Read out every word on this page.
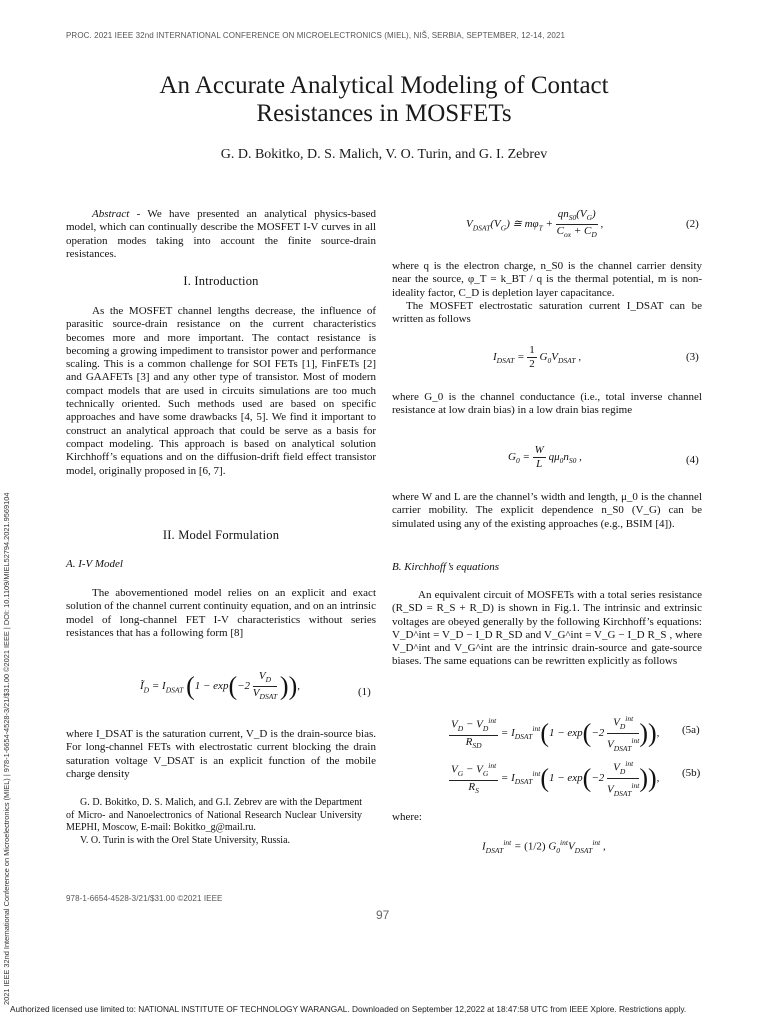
PROC. 2021 IEEE 32nd INTERNATIONAL CONFERENCE ON MICROELECTRONICS (MIEL), NIŠ, SERBIA, SEPTEMBER, 12-14, 2021
2021 IEEE 32nd International Conference on Microelectronics (MIEL) | 978-1-6654-4528-3/21/$31.00 ©2021 IEEE | DOI: 10.1109/MIEL52794.2021.9569104
An Accurate Analytical Modeling of Contact
Resistances in MOSFETs
G. D. Bokitko, D. S. Malich, V. O. Turin, and G. I. Zebrev

Abstract - We have presented an analytical physics-based model, which can continually describe the MOSFET I-V curves in all operation modes taking into account the finite source-drain resistances.

I. Introduction

As the MOSFET channel lengths decrease, the influence of parasitic source-drain resistance on the current characteristics becomes more and more important. The contact resistance is becoming a growing impediment to transistor power and performance scaling. This is a common challenge for SOI FETs [1], FinFETs [2] and GAAFETs [3] and any other type of transistor. Most of modern compact models that are used in circuits simulations are too much technically oriented. Such methods used are based on specific approaches and have some drawbacks [4, 5]. We find it important to construct an analytical approach that could be serve as a basis for compact modeling. This approach is based on analytical solution Kirchhoff’s equations and on the diffusion-drift field effect transistor model, originally proposed in [6, 7].

II. Model Formulation
A. I-V Model

The abovementioned model relies on an explicit and exact solution of the channel current continuity equation, and on an intrinsic model of long-channel FET I-V characteristics without series resistances that has a following form [8]

$Ĩ_D = I_{DSAT}$ ($1 - \exp(-2 \frac{V_D}{V_{DSAT}}$ )),	(1)

where I_DSAT is the saturation current, V_D is the drain-source bias. For long-channel FETs with electrostatic current blocking the drain saturation voltage V_DSAT is an explicit function of the mobile charge density

G. D. Bokitko, D. S. Malich, and G.I. Zebrev are with the Department of Micro- and Nanoelectronics of National Research Nuclear University MEPHI, Moscow, E-mail: Bokitko_g@mail.ru.

V. O. Turin is with the Orel State University, Russia.

$V_{DSAT}(V_G)$ ≅ $m\varphi_T + \frac{qn_{S0}(V_G)}{C_{ox} + C_D}$ ,	(2)

where q is the electron charge, n_S0 is the channel carrier density near the source, φ_T = k_BT / q is the thermal potential, m is non-ideality factor, C_D is depletion layer capacitance.

The MOSFET electrostatic saturation current I_DSAT can be written as follows

$I_{DSAT} = \frac{1}{2} G_0V_{DSAT}$ ,	(3)

where G_0 is the channel conductance (i.e., total inverse channel resistance at low drain bias) in a low drain bias regime

$G_0 = \frac{W}{L} q\mu_0n_{S0}$ ,	(4)

where W and L are the channel’s width and length, μ_0 is the channel carrier mobility. The explicit dependence n_S0 (V_G) can be simulated using any of the existing approaches (e.g., BSIM [4]).

B. Kirchhoff’s equations

An equivalent circuit of MOSFETs with a total series resistance (R_SD = R_S + R_D) is shown in Fig.1. The intrinsic and extrinsic voltages are obeyed generally by the following Kirchhoff’s equations: V_D^int = V_D − I_D R_SD and V_G^int = V_G − I_D R_S , where V_D^int and V_G^int are the intrinsic drain-source and gate-source biases. The same equations can be rewritten explicitly as follows

$\frac{V_D - V_D^{int}}{R_{SD}} = I_{DSAT}^{int}(1 - \exp(-2 \frac{V_D^{int}}{V_{DSAT}^{int}}$ )), (5a)
$\frac{V_G - V_G^{int}}{R_S} = I_{DSAT}^{int}(1 - \exp(-2 \frac{V_D^{int}}{V_{DSAT}^{int}}$ )), (5b)
where:
$I_{DSAT}^{int} = (1/2)$ $G_0^{int}V_{DSAT}^{int}$ ,
978-1-6654-4528-3/21/$31.00 ©2021 IEEE
97
Authorized licensed use limited to: NATIONAL INSTITUTE OF TECHNOLOGY WARANGAL. Downloaded on September 12,2022 at 18:47:58 UTC from IEEE Xplore. Restrictions apply.
